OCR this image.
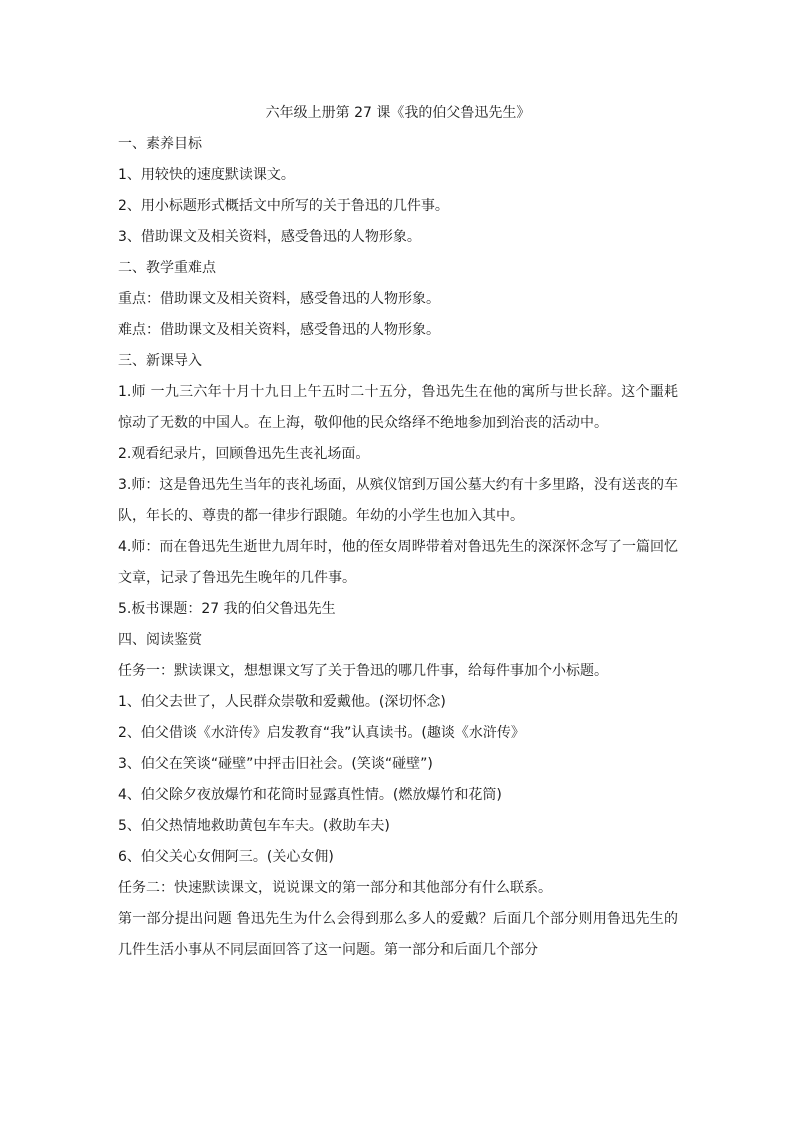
六年级上册第 27 课《我的伯父鲁迅先生》

一、素养目标

1、用较快的速度默读课文。

2、用小标题形式概括文中所写的关于鲁迅的几件事。

3、借助课文及相关资料，感受鲁迅的人物形象。

二、教学重难点

重点：借助课文及相关资料，感受鲁迅的人物形象。

难点：借助课文及相关资料，感受鲁迅的人物形象。

三、新课导入

1.师 一九三六年十月十九日上午五时二十五分，鲁迅先生在他的寓所与世长辞。这个噩耗惊动了无数的中国人。在上海，敬仰他的民众络绎不绝地参加到治丧的活动中。

2.观看纪录片，回顾鲁迅先生丧礼场面。

3.师：这是鲁迅先生当年的丧礼场面，从殡仪馆到万国公墓大约有十多里路，没有送丧的车队，年长的、尊贵的都一律步行跟随。年幼的小学生也加入其中。

4.师：而在鲁迅先生逝世九周年时，他的侄女周晔带着对鲁迅先生的深深怀念写了一篇回忆文章，记录了鲁迅先生晚年的几件事。

5.板书课题：27 我的伯父鲁迅先生

四、阅读鉴赏

任务一：默读课文，想想课文写了关于鲁迅的哪几件事，给每件事加个小标题。

1、伯父去世了，人民群众崇敬和爱戴他。(深切怀念)

2、伯父借谈《水浒传》启发教育“我”认真读书。(趣谈《水浒传》

3、伯父在笑谈“碰壁”中抨击旧社会。(笑谈“碰壁”)

4、伯父除夕夜放爆竹和花筒时显露真性情。(燃放爆竹和花筒)

5、伯父热情地救助黄包车车夫。(救助车夫)

6、伯父关心女佣阿三。(关心女佣)

任务二：快速默读课文，说说课文的第一部分和其他部分有什么联系。

第一部分提出问题 鲁迅先生为什么会得到那么多人的爱戴？后面几个部分则用鲁迅先生的几件生活小事从不同层面回答了这一问题。第一部分和后面几个部分
